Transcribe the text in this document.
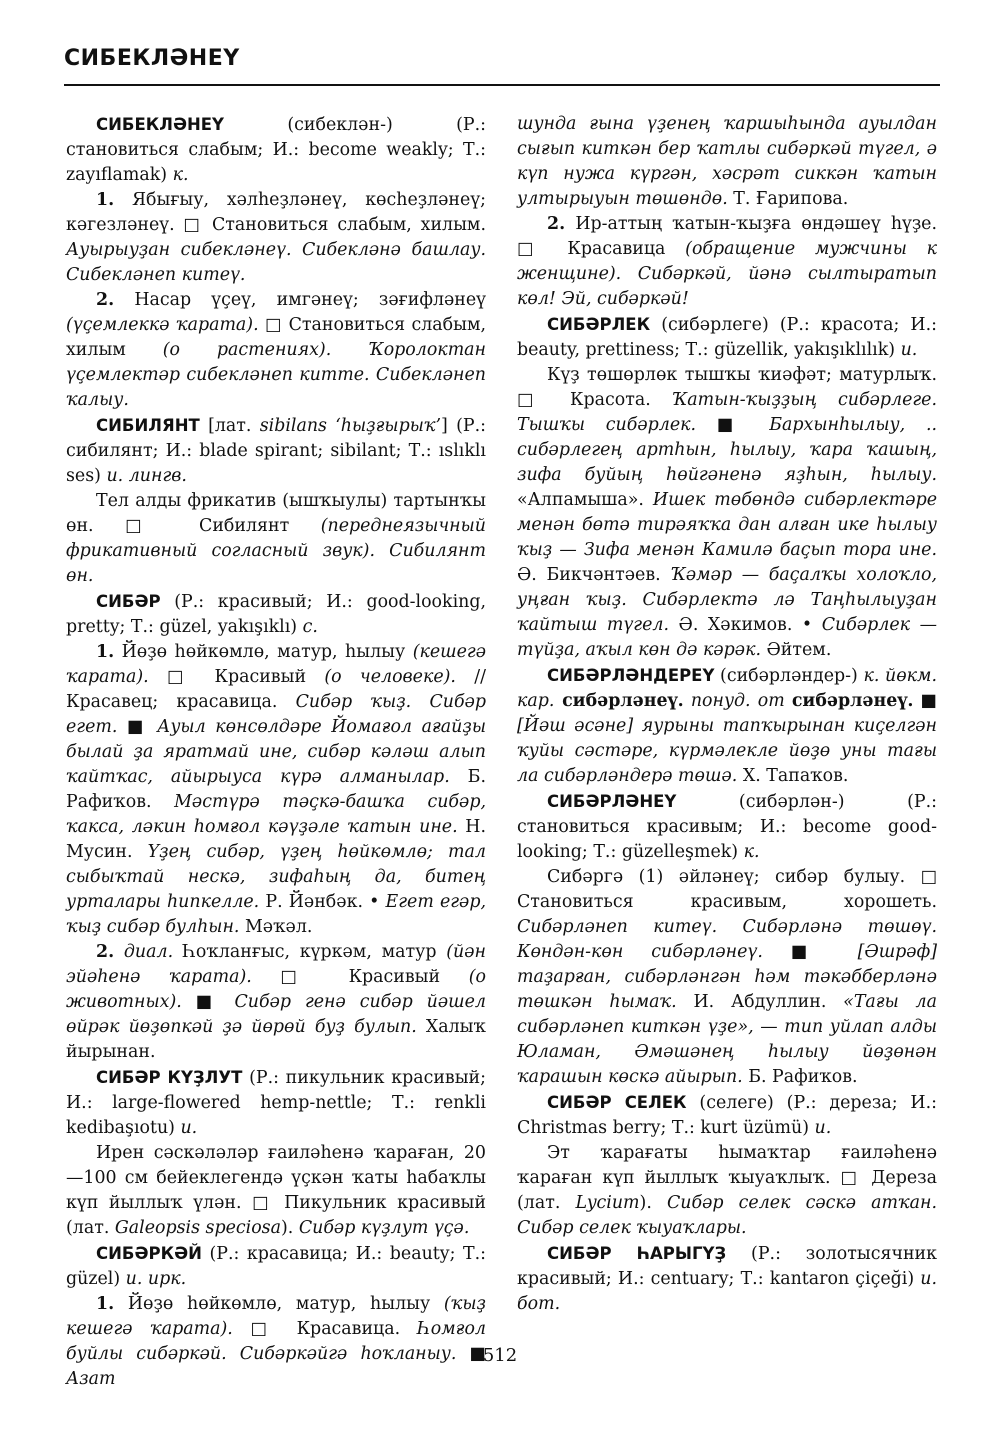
СИБЕКЛӘНЕҮ

СИБЕКЛӘНЕҮ (сибеклән-) (Р.: становиться слабым; И.: become weakly; Т.: zayıflamak) к.

1. Ябығыу, хәлһеҙләнеү, көсһеҙләнеү; кәгезләнеү. □ Становиться слабым, хилым. Ауырыуҙан сибекләнеү. Сибекләнә башлау. Сибекләнеп китеү.

2. Насар үҫеү, имгәнеү; зәғифләнеү (үҫемлеккә ҡарата). □ Становиться слабым, хилым (о растениях). Ҡоролоктан үҫемлектәр сибекләнеп китте. Сибекләнеп ҡалыу.

СИБИЛЯНТ [лат. sibilans ‘һыҙғырыҡ’] (Р.: сибилянт; И.: blade spirant; sibilant; Т.: ıslıklı ses) и. лингв.

Тел алды фрикатив (ышҡыулы) тартынҡы өн. □ Сибилянт (переднеязычный фрикативный согласный звук). Сибилянт өн.

СИБӘР (Р.: красивый; И.: good-looking, pretty; Т.: güzel, yakışıklı) с.

1. Йөҙө һөйкөмлө, матур, һылыу (кешегә ҡарата). □ Красивый (о человеке). // Красавец; красавица. Сибәр ҡыҙ. Сибәр егет. ■ Ауыл көнсөлдәре Йомағол ағайҙы былай ҙа яратмай ине, сибәр кәләш алып ҡайтҡас, айырыуса күрә алманылар. Б. Рафиҡов. Мәстүрә тәҫкә-башҡа сибәр, ҡакса, ләкин һомғол кәүҙәле ҡатын ине. Н. Мусин. Үҙең сибәр, үҙең һөйкөмлө; тал сыбыҡтай нескә, зифаһың да, битең урталары һипкелле. Р. Йәнбәк. • Егет егәр, ҡыҙ сибәр булһын. Мәҡәл.

2. диал. Һоҡланғыс, күркәм, матур (йән эйәһенә ҡарата). □ Красивый (о животных). ■ Сибәр генә сибәр йәшел өйрәк йөҙөпкәй ҙә йөрөй буҙ булып. Халыҡ йырынан.

СИБӘР КҮҘЛУТ (Р.: пикульник красивый; И.: large-flowered hemp-nettle; Т.: renkli kedibaşıotu) и.

Ирен сәскәләләр ғаиләһенә ҡараған, 20—100 см бейеклегендә үҫкән ҡаты һабаҡлы күп йыллыҡ үлән. □ Пикульник красивый (лат. Galeopsis speciosa). Сибәр күҙлут үҫә.

СИБӘРКӘЙ (Р.: красавица; И.: beauty; Т.: güzel) и. ирк.

1. Йөҙө һөйкөмлө, матур, һылыу (ҡыҙ кешегә ҡарата). □ Красавица. Һомғол буйлы сибәркәй. Сибәркәйгә һоҡланыу. ■ Азат

шунда ғына үҙенең ҡаршыһында ауылдан сығып киткән бер ҡатлы сибәркәй түгел, ә күп нужа күргән, хәсрәт сиккән ҡатын ултырыуын төшөндө. Т. Ғарипова.

2. Ир-аттың ҡатын-ҡыҙға өндәшеү һүҙе. □ Красавица (обращение мужчины к женщине). Сибәркәй, йәнә сылтыратып көл! Эй, сибәркәй!

СИБӘРЛЕК (сибәрлеге) (Р.: красота; И.: beauty, prettiness; Т.: güzellik, yakışıklılık) и.

Күҙ төшөрлөк тышҡы ҡиәфәт; матурлыҡ. □ Красота. Ҡатын-ҡыҙҙың сибәрлеге. Тышҡы сибәрлек. ■ Бархынһылыу, .. сибәрлегең артһын, һылыу, ҡара ҡашың, зифа буйың һөйгәненә яҙһын, һылыу. «Алпамыша». Ишек төбөндә сибәрлектәре менән бөтә тирәяҡҡа дан алған ике һылыу ҡыҙ — Зифа менән Камилә баҫып тора ине. Ә. Бикчәнтәев. Ҡәмәр — баҫалҡы холоҡло, уңған ҡыҙ. Сибәрлектә лә Таңһылыуҙан ҡайтыш түгел. Ә. Хәкимов. • Сибәрлек — түйҙа, аҡыл көн дә кәрәк. Әйтем.

СИБӘРЛӘНДЕРЕҮ (сибәрләндер-) к. йөкм. кар. сибәрләнеү. понуд. от сибәрләнеү. ■ [Йәш әсәне] яурыны тапҡырынан киҫелгән ҡуйы сәстәре, күрмәлекле йөҙө уны тағы ла сибәрләндерә төшә. Х. Тапаҡов.

СИБӘРЛӘНЕҮ (сибәрлән-) (Р.: становиться красивым; И.: become good-looking; Т.: güzelleşmek) к.

Сибәргә (1) әйләнеү; сибәр булыу. □ Становиться красивым, хорошеть. Сибәрләнеп китеү. Сибәрләнә төшөү. Көндән-көн сибәрләнеү. ■ [Әшрәф] таҙарған, сибәрләнгән һәм тәкәбберләнә төшкән һымаҡ. И. Абдуллин. «Тағы ла сибәрләнеп киткән үҙе», — тип уйлап алды Юламан, Әмәшәнең һылыу йөҙөнән ҡарашын көскә айырып. Б. Рафиҡов.

СИБӘР СЕЛЕК (селеге) (Р.: дереза; И.: Christmas berry; Т.: kurt üzümü) и.

Эт ҡарағаты һымаҡтар ғаиләһенә ҡараған күп йыллыҡ ҡыуаҡлыҡ. □ Дереза (лат. Lycium). Сибәр селек сәскә атҡан. Сибәр селек ҡыуаҡлары.

СИБӘР ҺАРЫГҮҘ (Р.: золотысячник красивый; И.: centuary; Т.: kantaron çiçeği) и. бот.

512
